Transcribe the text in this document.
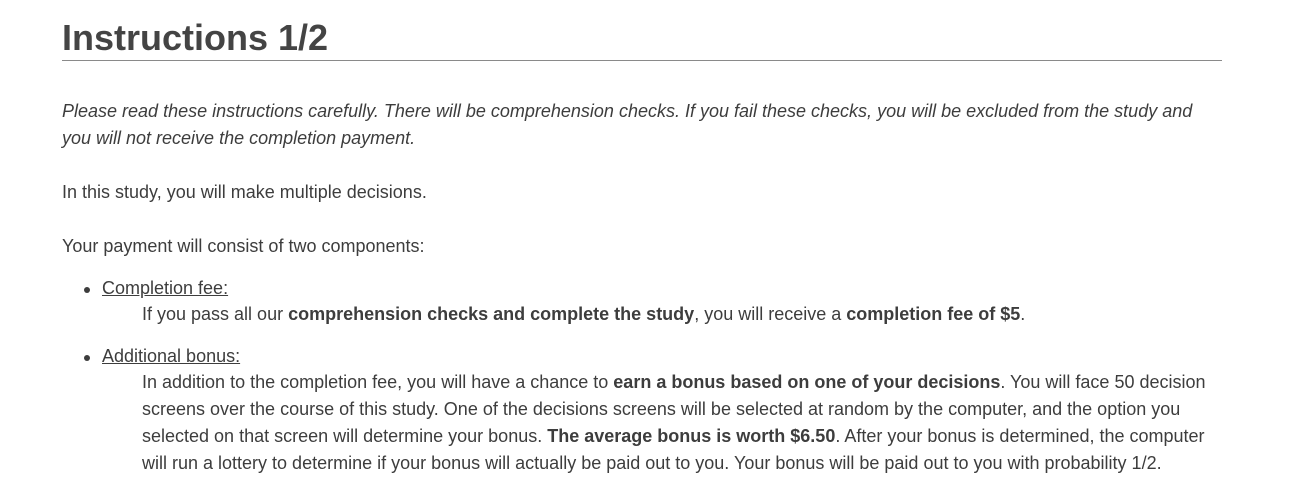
Instructions 1/2

Please read these instructions carefully. There will be comprehension checks. If you fail these checks, you will be excluded from the study and you will not receive the completion payment.

In this study, you will make multiple decisions.

Your payment will consist of two components:

Completion fee:
If you pass all our comprehension checks and complete the study, you will receive a completion fee of $5.
Additional bonus:
In addition to the completion fee, you will have a chance to earn a bonus based on one of your decisions. You will face 50 decision screens over the course of this study. One of the decisions screens will be selected at random by the computer, and the option you selected on that screen will determine your bonus. The average bonus is worth $6.50. After your bonus is determined, the computer will run a lottery to determine if your bonus will actually be paid out to you. Your bonus will be paid out to you with probability 1/2.
